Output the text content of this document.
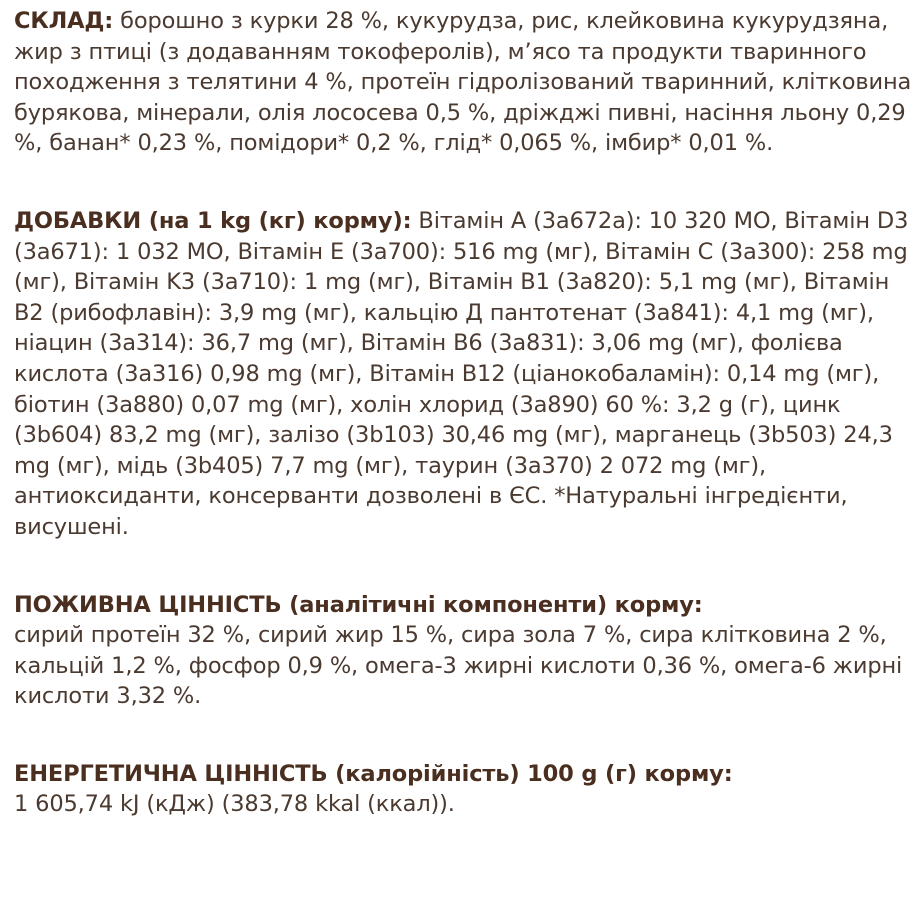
СКЛАД: борошно з курки 28 %, кукурудза, рис, клейковина кукурудзяна, жир з птиці (з додаванням токоферолів), м’ясо та продукти тваринного походження з телятини 4 %, протеїн гідролізований тваринний, клітковина бурякова, мінерали, олія лососева 0,5 %, дріжджі пивні, насіння льону 0,29 %, банан* 0,23 %, помідори* 0,2 %, глід* 0,065 %, імбир* 0,01 %.

ДОБАВКИ (на 1 kg (кг) корму): Вітамін A (3a672a): 10 320 МО, Вітамін D3 (3a671): 1 032 МО, Вітамін E (3a700): 516 mg (мг), Вітамін C (3a300): 258 mg (мг), Вітамін K3 (3a710): 1 mg (мг), Вітамін B1 (3a820): 5,1 mg (мг), Вітамін B2 (рибофлавін): 3,9 mg (мг), кальцію Д пантотенат (3a841): 4,1 mg (мг), ніацин (3a314): 36,7 mg (мг), Вітамін B6 (3a831): 3,06 mg (мг), фолієва кислота (3a316) 0,98 mg (мг), Вітамін B12 (ціанокобаламін): 0,14 mg (мг), біотин (3a880) 0,07 mg (мг), холін хлорид (3a890) 60 %: 3,2 g (г), цинк (3b604) 83,2 mg (мг), залізо (3b103) 30,46 mg (мг), марганець (3b503) 24,3 mg (мг), мідь (3b405) 7,7 mg (мг), таурин (3a370) 2 072 mg (мг), антиоксиданти, консерванти дозволені в ЄС. *Натуральні інгредієнти, висушені.

ПОЖИВНА ЦІННІСТЬ (аналітичні компоненти) корму:
сирий протеїн 32 %, сирий жир 15 %, сира зола 7 %, сира клітковина 2 %, кальцій 1,2 %, фосфор 0,9 %, омега-3 жирні кислоти 0,36 %, омега-6 жирні кислоти 3,32 %.
ЕНЕРГЕТИЧНА ЦІННІСТЬ (калорійність) 100 g (г) корму:
1 605,74 kJ (кДж) (383,78 kkal (ккал)).
